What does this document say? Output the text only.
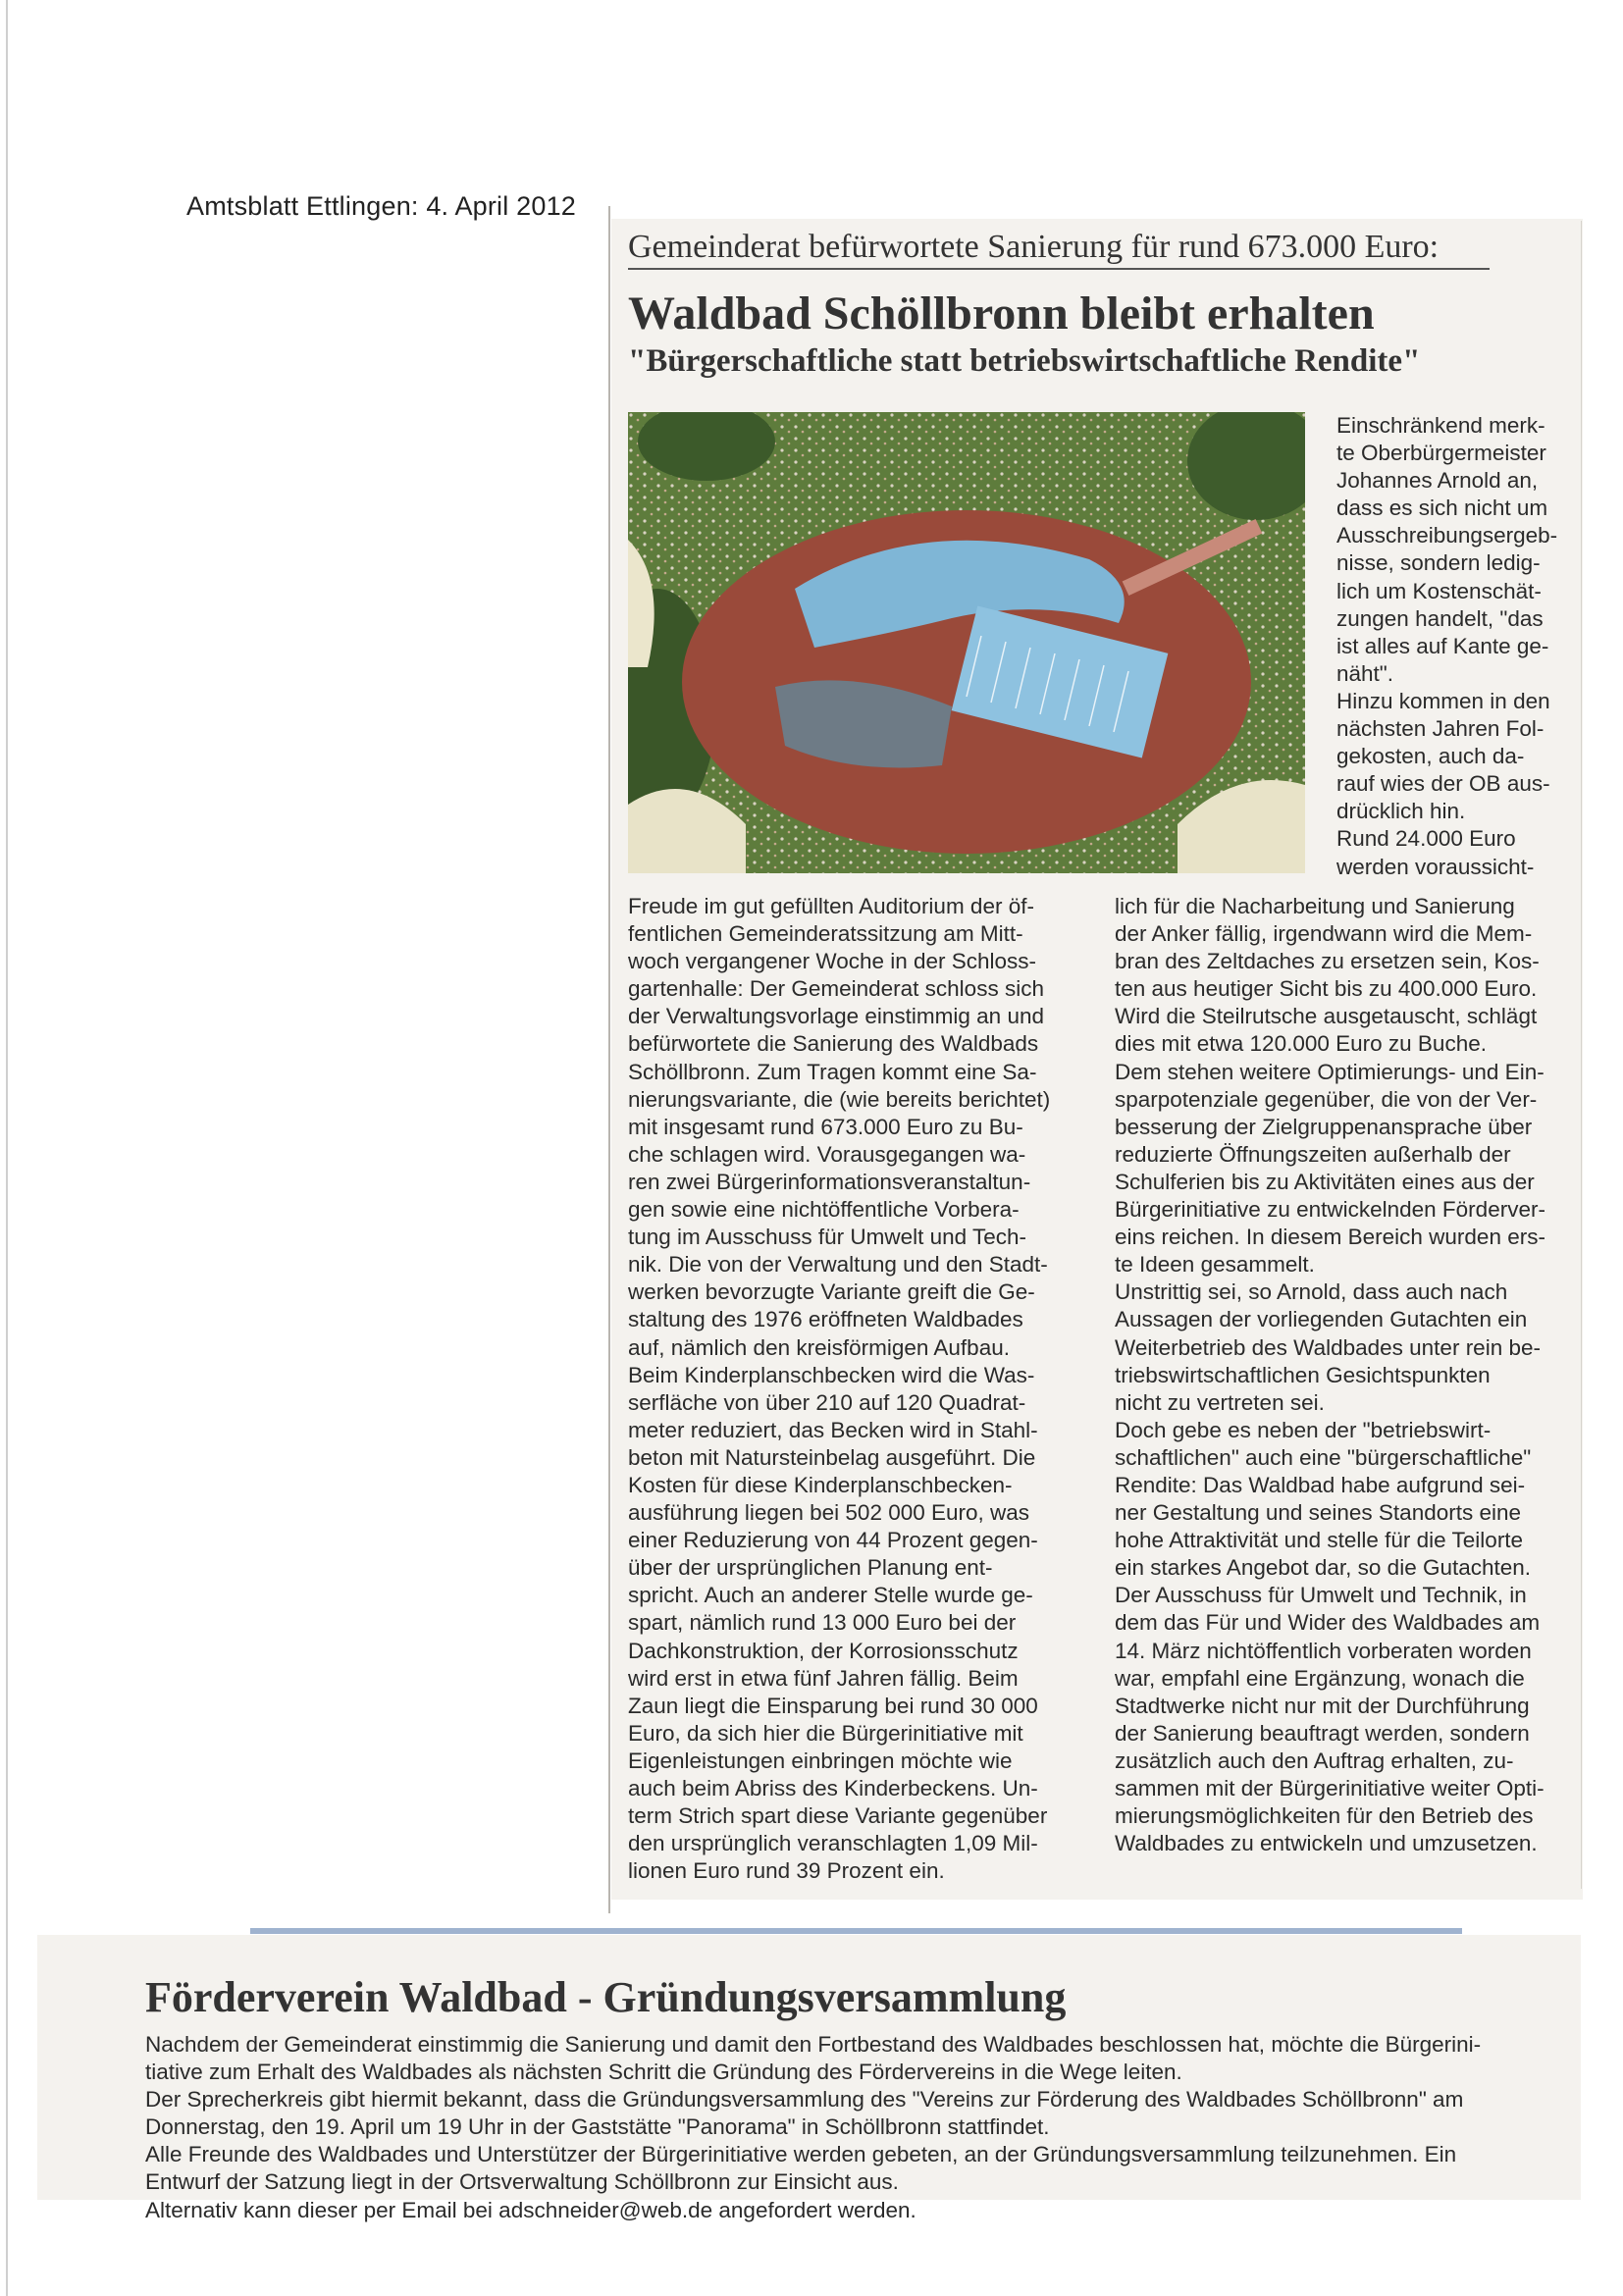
Amtsblatt Ettlingen: 4. April 2012
Gemeinderat befürwortete Sanierung für rund 673.000 Euro:
Waldbad Schöllbronn bleibt erhalten
"Bürgerschaftliche statt betriebswirtschaftliche Rendite"

Einschränkend merk-
te Oberbürgermeister
Johannes Arnold an,
dass es sich nicht um
Ausschreibungsergeb-
nisse, sondern ledig-
lich um Kostenschät-
zungen handelt, "das
ist alles auf Kante ge-
näht".
Hinzu kommen in den
nächsten Jahren Fol-
gekosten, auch da-
rauf wies der OB aus-
drücklich hin.
Rund 24.000 Euro
werden voraussicht-

Freude im gut gefüllten Auditorium der öf-
fentlichen Gemeinderatssitzung am Mitt-
woch vergangener Woche in der Schloss-
gartenhalle: Der Gemeinderat schloss sich
der Verwaltungsvorlage einstimmig an und
befürwortete die Sanierung des Waldbads
Schöllbronn. Zum Tragen kommt eine Sa-
nierungsvariante, die (wie bereits berichtet)
mit insgesamt rund 673.000 Euro zu Bu-
che schlagen wird. Vorausgegangen wa-
ren zwei Bürgerinformationsveranstaltun-
gen sowie eine nichtöffentliche Vorbera-
tung im Ausschuss für Umwelt und Tech-
nik. Die von der Verwaltung und den Stadt-
werken bevorzugte Variante greift die Ge-
staltung des 1976 eröffneten Waldbades
auf, nämlich den kreisförmigen Aufbau.
Beim Kinderplanschbecken wird die Was-
serfläche von über 210 auf 120 Quadrat-
meter reduziert, das Becken wird in Stahl-
beton mit Natursteinbelag ausgeführt. Die
Kosten für diese Kinderplanschbecken-
ausführung liegen bei 502 000 Euro, was
einer Reduzierung von 44 Prozent gegen-
über der ursprünglichen Planung ent-
spricht. Auch an anderer Stelle wurde ge-
spart, nämlich rund 13 000 Euro bei der
Dachkonstruktion, der Korrosionsschutz
wird erst in etwa fünf Jahren fällig. Beim
Zaun liegt die Einsparung bei rund 30 000
Euro, da sich hier die Bürgerinitiative mit
Eigenleistungen einbringen möchte wie
auch beim Abriss des Kinderbeckens. Un-
term Strich spart diese Variante gegenüber
den ursprünglich veranschlagten 1,09 Mil-
lionen Euro rund 39 Prozent ein.

lich für die Nacharbeitung und Sanierung
der Anker fällig, irgendwann wird die Mem-
bran des Zeltdaches zu ersetzen sein, Kos-
ten aus heutiger Sicht bis zu 400.000 Euro.
Wird die Steilrutsche ausgetauscht, schlägt
dies mit etwa 120.000 Euro zu Buche.
Dem stehen weitere Optimierungs- und Ein-
sparpotenziale gegenüber, die von der Ver-
besserung der Zielgruppenansprache über
reduzierte Öffnungszeiten außerhalb der
Schulferien bis zu Aktivitäten eines aus der
Bürgerinitiative zu entwickelnden Förderver-
eins reichen. In diesem Bereich wurden ers-
te Ideen gesammelt.
Unstrittig sei, so Arnold, dass auch nach
Aussagen der vorliegenden Gutachten ein
Weiterbetrieb des Waldbades unter rein be-
triebswirtschaftlichen Gesichtspunkten
nicht zu vertreten sei.
Doch gebe es neben der "betriebswirt-
schaftlichen" auch eine "bürgerschaftliche"
Rendite: Das Waldbad habe aufgrund sei-
ner Gestaltung und seines Standorts eine
hohe Attraktivität und stelle für die Teilorte
ein starkes Angebot dar, so die Gutachten.
Der Ausschuss für Umwelt und Technik, in
dem das Für und Wider des Waldbades am
14. März nichtöffentlich vorberaten worden
war, empfahl eine Ergänzung, wonach die
Stadtwerke nicht nur mit der Durchführung
der Sanierung beauftragt werden, sondern
zusätzlich auch den Auftrag erhalten, zu-
sammen mit der Bürgerinitiative weiter Opti-
mierungsmöglichkeiten für den Betrieb des
Waldbades zu entwickeln und umzusetzen.

Förderverein Waldbad - Gründungsversammlung

Nachdem der Gemeinderat einstimmig die Sanierung und damit den Fortbestand des Waldbades beschlossen hat, möchte die Bürgerini-
tiative zum Erhalt des Waldbades als nächsten Schritt die Gründung des Fördervereins in die Wege leiten.
Der Sprecherkreis gibt hiermit bekannt, dass die Gründungsversammlung des "Vereins zur Förderung des Waldbades Schöllbronn" am
Donnerstag, den 19. April um 19 Uhr in der Gaststätte "Panorama" in Schöllbronn stattfindet.
Alle Freunde des Waldbades und Unterstützer der Bürgerinitiative werden gebeten, an der Gründungsversammlung teilzunehmen. Ein
Entwurf der Satzung liegt in der Ortsverwaltung Schöllbronn zur Einsicht aus.
Alternativ kann dieser per Email bei adschneider@web.de angefordert werden.
